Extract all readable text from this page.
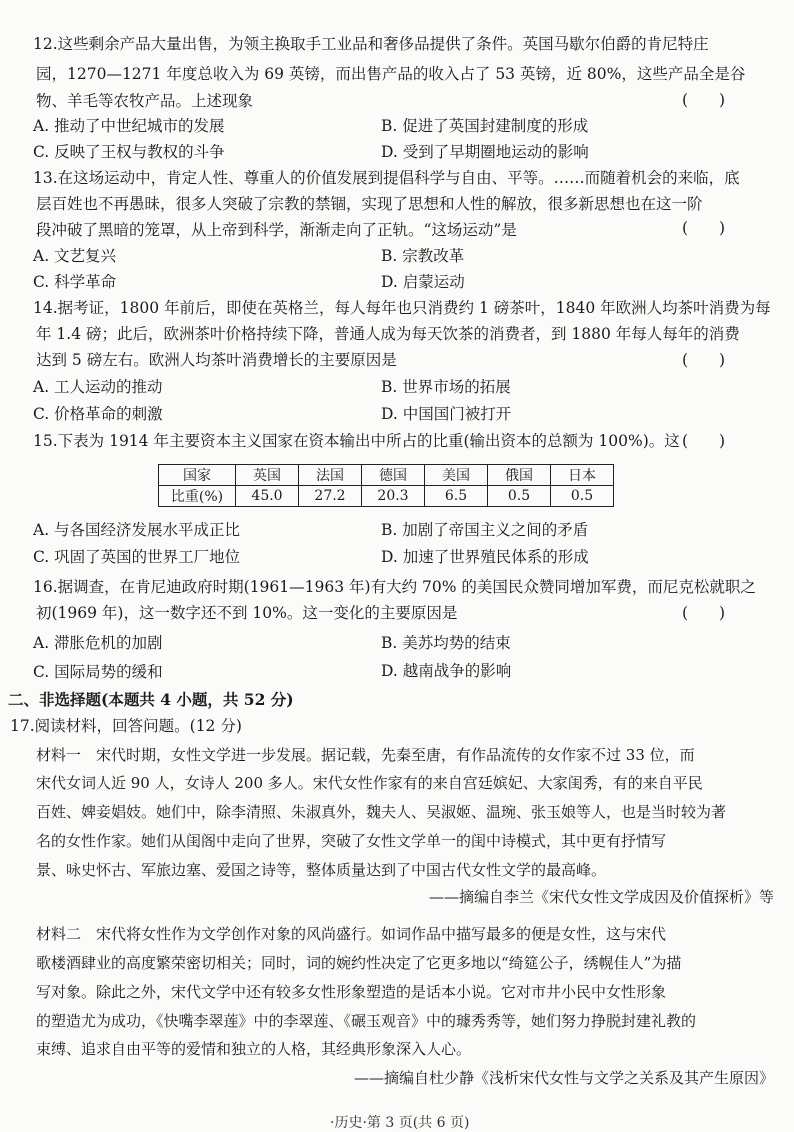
12.这些剩余产品大量出售，为领主换取手工业品和奢侈品提供了条件。英国马歇尔伯爵的肯尼特庄
园，1270—1271 年度总收入为 69 英镑，而出售产品的收入占了 53 英镑，近 80%，这些产品全是谷
物、羊毛等农牧产品。上述现象	(　　)
A. 推动了中世纪城市的发展	B. 促进了英国封建制度的形成
C. 反映了王权与教权的斗争	D. 受到了早期圈地运动的影响
13.在这场运动中，肯定人性、尊重人的价值发展到提倡科学与自由、平等。……而随着机会的来临，底
层百姓也不再愚昧，很多人突破了宗教的禁锢，实现了思想和人性的解放，很多新思想也在这一阶
段冲破了黑暗的笼罩，从上帝到科学，渐渐走向了正轨。“这场运动”是	(　　)
A. 文艺复兴	B. 宗教改革
C. 科学革命	D. 启蒙运动
14.据考证，1800 年前后，即使在英格兰，每人每年也只消费约 1 磅茶叶，1840 年欧洲人均茶叶消费为每
年 1.4 磅；此后，欧洲茶叶价格持续下降，普通人成为每天饮茶的消费者，到 1880 年每人每年的消费
达到 5 磅左右。欧洲人均茶叶消费增长的主要原因是	(　　)
A. 工人运动的推动	B. 世界市场的拓展
C. 价格革命的刺激	D. 中国国门被打开
15.下表为 1914 年主要资本主义国家在资本输出中所占的比重(输出资本的总额为 100%)。这 (　　)
国家	英国	法国	德国	美国	俄国	日本
比重(%)	45.0	27.2	20.3	6.5	0.5	0.5
A. 与各国经济发展水平成正比	B. 加剧了帝国主义之间的矛盾
C. 巩固了英国的世界工厂地位	D. 加速了世界殖民体系的形成
16.据调查，在肯尼迪政府时期(1961—1963 年)有大约 70% 的美国民众赞同增加军费，而尼克松就职之
初(1969 年)，这一数字还不到 10%。这一变化的主要原因是	(　　)
A. 滞胀危机的加剧	B. 美苏均势的结束
C. 国际局势的缓和	D. 越南战争的影响
二、非选择题(本题共 4 小题，共 52 分)
17.阅读材料，回答问题。(12 分)
材料一　宋代时期，女性文学进一步发展。据记载，先秦至唐，有作品流传的女作家不过 33 位，而
宋代女词人近 90 人，女诗人 200 多人。宋代女性作家有的来自宫廷嫔妃、大家闺秀，有的来自平民
百姓、婢妾娼妓。她们中，除李清照、朱淑真外，魏夫人、吴淑姬、温琬、张玉娘等人，也是当时较为著
名的女性作家。她们从闺阁中走向了世界，突破了女性文学单一的闺中诗模式，其中更有抒情写
景、咏史怀古、军旅边塞、爱国之诗等，整体质量达到了中国古代女性文学的最高峰。
——摘编自李兰《宋代女性文学成因及价值探析》等
材料二　宋代将女性作为文学创作对象的风尚盛行。如词作品中描写最多的便是女性，这与宋代
歌楼酒肆业的高度繁荣密切相关；同时，词的婉约性决定了它更多地以“绮筵公子，绣幌佳人”为描
写对象。除此之外，宋代文学中还有较多女性形象塑造的是话本小说。它对市井小民中女性形象
的塑造尤为成功，《快嘴李翠莲》中的李翠莲、《碾玉观音》中的璩秀秀等，她们努力挣脱封建礼教的
束缚、追求自由平等的爱情和独立的人格，其经典形象深入人心。
——摘编自杜少静《浅析宋代女性与文学之关系及其产生原因》
·历史·第 3 页(共 6 页)
